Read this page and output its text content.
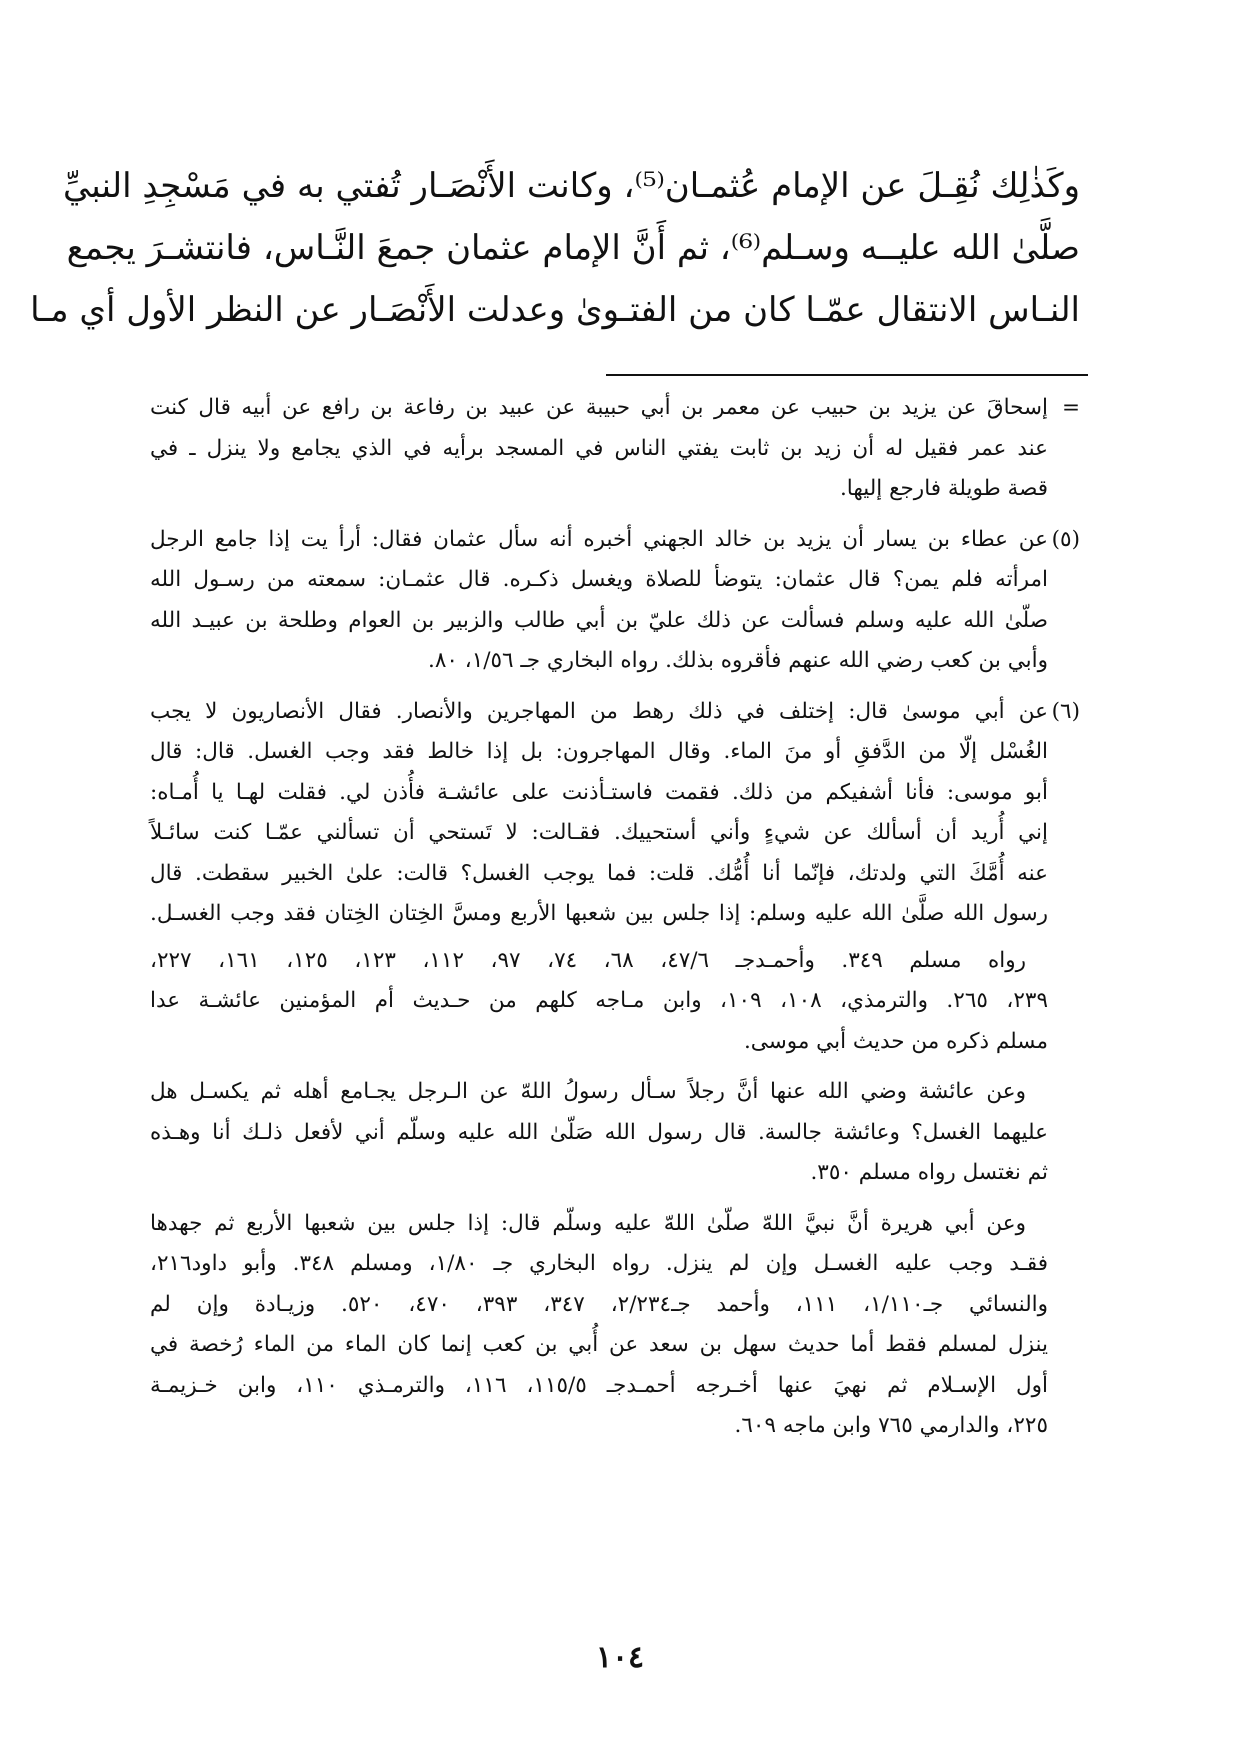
وكَذٰلِك نُقِـلَ عن الإمام عُثمـان⁽⁵⁾، وكانت الأَنْصَـار تُفتي به في مَسْجِدِ النبيِّ
صلَّىٰ الله عليــه وسـلم⁽⁶⁾، ثم أَنَّ الإمام عثمان جمعَ النَّـاس، فانتشـرَ يجمع
النـاس الانتقال عمّـا كان من الفتـوىٰ وعدلت الأَنْصَـار عن النظر الأول أي مـا
=
إسحاقَ عن يزيد بن حبيب عن معمر بن أبي حبيبة عن عبيد بن رفاعة بن رافع عن أبيه قال كنت
عند عمر فقيل له أن زيد بن ثابت يفتي الناس في المسجد برأيه في الذي يجامع ولا ينزل ـ في
قصة طويلة فارجع إليها.
(٥)
عن عطاء بن يسار أن يزيد بن خالد الجهني أخبره أنه سأل عثمان فقال: أرأ يت إذا جامع الرجل
امرأته فلم يمن؟ قال عثمان: يتوضأ للصلاة ويغسل ذكـره. قال عثمـان: سمعته من رسـول الله
صلّىٰ الله عليه وسلم فسألت عن ذلك عليّ بن أبي طالب والزبير بن العوام وطلحة بن عبيـد الله
وأبي بن كعب رضي الله عنهم فأقروه بذلك. رواه البخاري جـ ١/٥٦، ٨٠.
(٦)
عن أبي موسىٰ قال: إختلف في ذلك رهط من المهاجرين والأنصار. فقال الأنصاريون لا يجب
الغُسْل إلّا من الدَّفقِ أو منَ الماء. وقال المهاجرون: بل إذا خالط فقد وجب الغسل. قال: قال
أبو موسى: فأنا أشفيكم من ذلك. فقمت فاستـأذنت على عائشـة فأُذن لي. فقلت لهـا يا أُمـاه:
إني أُريد أن أسألك عن شيءٍ وأني أستحييك. فقـالت: لا تَستحي أن تسألني عمّـا كنت سائـلاً
عنه أُمَّكَ التي ولدتك، فإنّما أنا أُمُّك. قلت: فما يوجب الغسل؟ قالت: علىٰ الخبير سقطت. قال
رسول الله صلَّىٰ الله عليه وسلم: إذا جلس بين شعبها الأربع ومسَّ الخِتان الخِتان فقد وجب الغسـل.
رواه مسلم ٣٤٩. وأحمـدجـ ٤٧/٦، ٦٨، ٧٤، ٩٧، ١١٢، ١٢٣، ١٢٥، ١٦١، ٢٢٧،
٢٣٩، ٢٦٥. والترمذي، ١٠٨، ١٠٩، وابن مـاجه كلهم من حـديث أم المؤمنين عائشـة عدا
مسلم ذكره من حديث أبي موسى.
وعن عائشة وضي الله عنها أنَّ رجلاً سـأل رسولُ اللهّ عن الـرجل يجـامع أهله ثم يكسـل هل
عليهما الغسل؟ وعائشة جالسة. قال رسول الله صَلّىٰ الله عليه وسلّم أني لأفعل ذلـك أنا وهـذه
ثم نغتسل رواه مسلم ٣٥٠.
وعن أبي هريرة أنَّ نبيَّ اللهّ صلّىٰ اللهّ عليه وسلّم قال: إذا جلس بين شعبها الأربع ثم جهدها
فقـد وجب عليه الغسـل وإن لم ينزل. رواه البخاري جـ ١/٨٠، ومسلم ٣٤٨. وأبو داود٢١٦،
والنسائي جـ١/١١٠، ١١١، وأحمد جـ٢/٢٣٤، ٣٤٧، ٣٩٣، ٤٧٠، ٥٢٠. وزيـادة وإن لم
ينزل لمسلم فقط أما حديث سهل بن سعد عن أُبي بن كعب إنما كان الماء من الماء رُخصة في
أول الإسـلام ثم نهيَ عنها أخـرجه أحمـدجـ ١١٥/٥، ١١٦، والترمـذي ١١٠، وابن خـزيمـة
٢٢٥، والدارمي ٧٦٥ وابن ماجه ٦٠٩.
١٠٤
